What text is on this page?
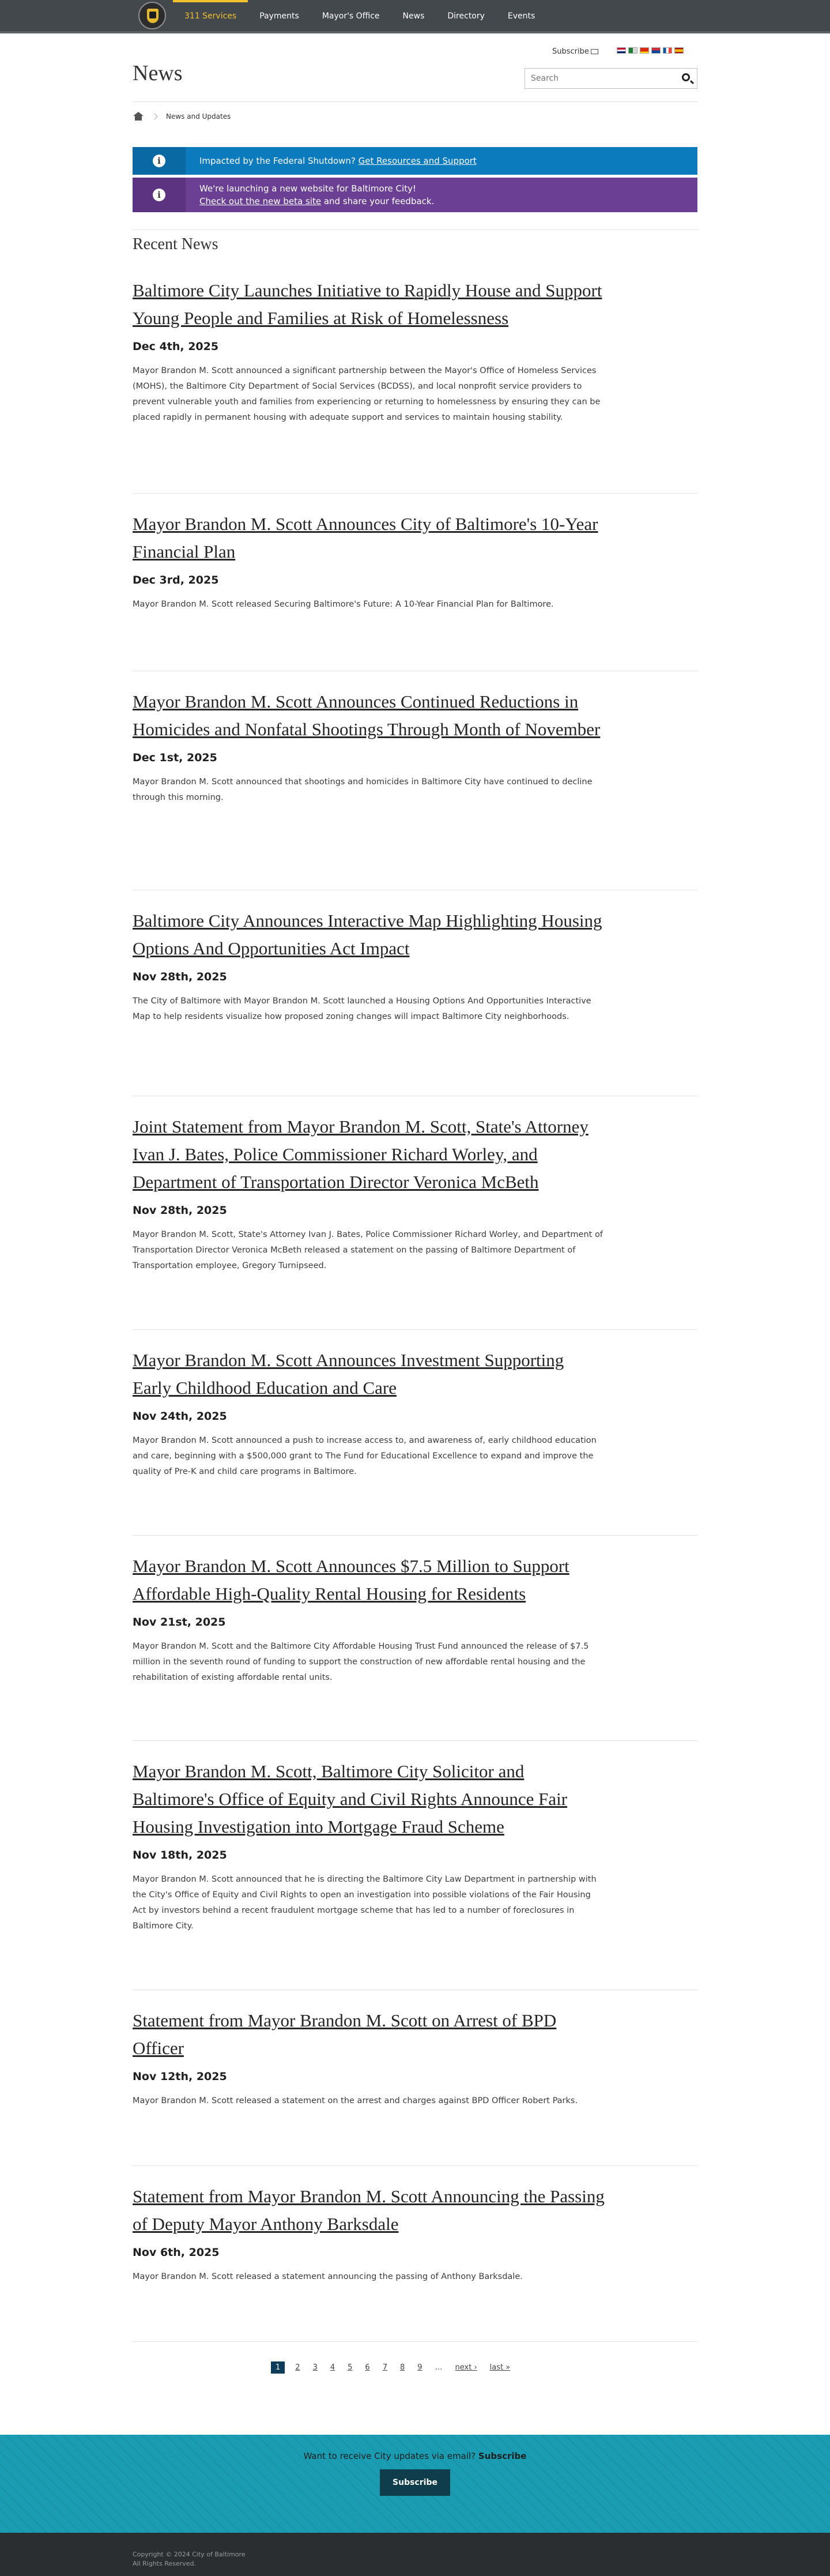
311 Services	Payments	Mayor's Office	News	Directory	Events
News
Subscribe
Search
News and Updates
i	Impacted by the Federal Shutdown? Get Resources and Support
i
We're launching a new website for Baltimore City!
Check out the new beta site and share your feedback.
Recent News
Baltimore City Launches Initiative to Rapidly House and Support Young People and Families at Risk of Homelessness
Dec 4th, 2025

Mayor Brandon M. Scott announced a significant partnership between the Mayor's Office of Homeless Services (MOHS), the Baltimore City Department of Social Services (BCDSS), and local nonprofit service providers to prevent vulnerable youth and families from experiencing or returning to homelessness by ensuring they can be placed rapidly in permanent housing with adequate support and services to maintain housing stability.

Mayor Brandon M. Scott Announces City of Baltimore's 10-Year Financial Plan
Dec 3rd, 2025

Mayor Brandon M. Scott released Securing Baltimore's Future: A 10-Year Financial Plan for Baltimore.

Mayor Brandon M. Scott Announces Continued Reductions in Homicides and Nonfatal Shootings Through Month of November
Dec 1st, 2025

Mayor Brandon M. Scott announced that shootings and homicides in Baltimore City have continued to decline through this morning.

Baltimore City Announces Interactive Map Highlighting Housing Options And Opportunities Act Impact
Nov 28th, 2025

The City of Baltimore with Mayor Brandon M. Scott launched a Housing Options And Opportunities Interactive Map to help residents visualize how proposed zoning changes will impact Baltimore City neighborhoods.

Joint Statement from Mayor Brandon M. Scott, State's Attorney Ivan J. Bates, Police Commissioner Richard Worley, and Department of Transportation Director Veronica McBeth
Nov 28th, 2025

Mayor Brandon M. Scott, State's Attorney Ivan J. Bates, Police Commissioner Richard Worley, and Department of Transportation Director Veronica McBeth released a statement on the passing of Baltimore Department of Transportation employee, Gregory Turnipseed.

Mayor Brandon M. Scott Announces Investment Supporting Early Childhood Education and Care
Nov 24th, 2025

Mayor Brandon M. Scott announced a push to increase access to, and awareness of, early childhood education and care, beginning with a $500,000 grant to The Fund for Educational Excellence to expand and improve the quality of Pre-K and child care programs in Baltimore.

Mayor Brandon M. Scott Announces $7.5 Million to Support Affordable High-Quality Rental Housing for Residents
Nov 21st, 2025

Mayor Brandon M. Scott and the Baltimore City Affordable Housing Trust Fund announced the release of $7.5 million in the seventh round of funding to support the construction of new affordable rental housing and the rehabilitation of existing affordable rental units.

Mayor Brandon M. Scott, Baltimore City Solicitor and Baltimore's Office of Equity and Civil Rights Announce Fair Housing Investigation into Mortgage Fraud Scheme
Nov 18th, 2025

Mayor Brandon M. Scott announced that he is directing the Baltimore City Law Department in partnership with the City's Office of Equity and Civil Rights to open an investigation into possible violations of the Fair Housing Act by investors behind a recent fraudulent mortgage scheme that has led to a number of foreclosures in Baltimore City.

Statement from Mayor Brandon M. Scott on Arrest of BPD Officer
Nov 12th, 2025

Mayor Brandon M. Scott released a statement on the arrest and charges against BPD Officer Robert Parks.

Statement from Mayor Brandon M. Scott Announcing the Passing of Deputy Mayor Anthony Barksdale
Nov 6th, 2025

Mayor Brandon M. Scott released a statement announcing the passing of Anthony Barksdale.

1	2 3 4 5 6 7 8 9 … next › last »
Want to receive City updates via email? Subscribe
Subscribe
Copyright © 2024 City of Baltimore
All Rights Reserved.
